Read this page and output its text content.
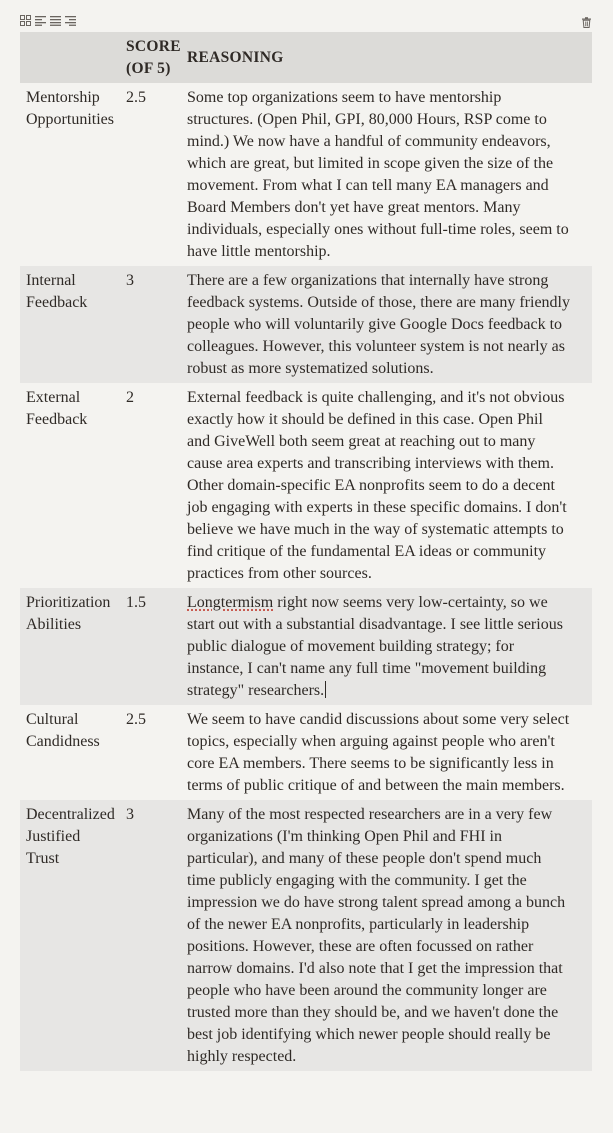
	SCORE (OF 5)	REASONING
Mentorship Opportunities	2.5	Some top organizations seem to have mentorship structures. (Open Phil, GPI, 80,000 Hours, RSP come to mind.) We now have a handful of community endeavors, which are great, but limited in scope given the size of the movement. From what I can tell many EA managers and Board Members don't yet have great mentors. Many individuals, especially ones without full-time roles, seem to have little mentorship.
Internal Feedback	3	There are a few organizations that internally have strong feedback systems. Outside of those, there are many friendly people who will voluntarily give Google Docs feedback to colleagues. However, this volunteer system is not nearly as robust as more systematized solutions.
External Feedback	2	External feedback is quite challenging, and it's not obvious exactly how it should be defined in this case. Open Phil and GiveWell both seem great at reaching out to many cause area experts and transcribing interviews with them. Other domain-specific EA nonprofits seem to do a decent job engaging with experts in these specific domains. I don't believe we have much in the way of systematic attempts to find critique of the fundamental EA ideas or community practices from other sources.
Prioritization Abilities	1.5	Longtermism right now seems very low-certainty, so we start out with a substantial disadvantage. I see little serious public dialogue of movement building strategy; for instance, I can't name any full time "movement building strategy" researchers.
Cultural Candidness	2.5	We seem to have candid discussions about some very select topics, especially when arguing against people who aren't core EA members. There seems to be significantly less in terms of public critique of and between the main members.
Decentralized Justified Trust	3	Many of the most respected researchers are in a very few organizations (I'm thinking Open Phil and FHI in particular), and many of these people don't spend much time publicly engaging with the community. I get the impression we do have strong talent spread among a bunch of the newer EA nonprofits, particularly in leadership positions. However, these are often focussed on rather narrow domains. I'd also note that I get the impression that people who have been around the community longer are trusted more than they should be, and we haven't done the best job identifying which newer people should really be highly respected.
